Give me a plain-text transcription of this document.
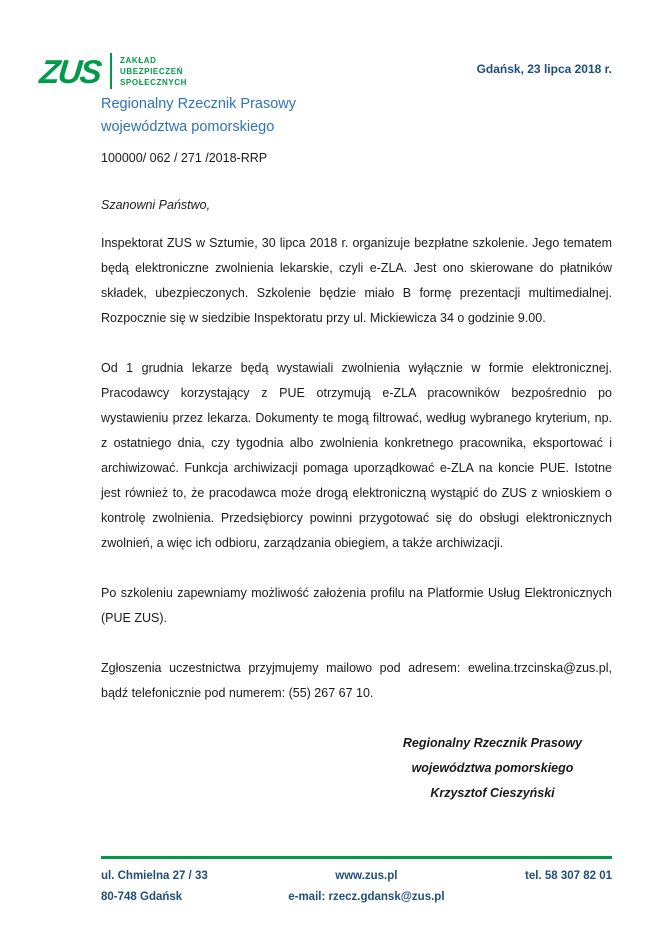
ZUS	ZAKŁAD
UBEZPIECZEŃ
SPOŁECZNYCH
Gdańsk, 23 lipca 2018 r.
Regionalny Rzecznik Prasowy
województwa pomorskiego
100000/ 062 / 271 /2018-RRP
Szanowni Państwo,

Inspektorat ZUS w Sztumie, 30 lipca 2018 r. organizuje bezpłatne szkolenie. Jego tematem będą elektroniczne zwolnienia lekarskie, czyli e-ZLA. Jest ono skierowane do płatników składek, ubezpieczonych. Szkolenie będzie miało B formę prezentacji multimedialnej. Rozpocznie się w siedzibie Inspektoratu przy ul. Mickiewicza 34 o godzinie 9.00.

Od 1 grudnia lekarze będą wystawiali zwolnienia wyłącznie w formie elektronicznej. Pracodawcy korzystający z PUE otrzymują e-ZLA pracowników bezpośrednio po wystawieniu przez lekarza. Dokumenty te mogą filtrować, według wybranego kryterium, np. z ostatniego dnia, czy tygodnia albo zwolnienia konkretnego pracownika, eksportować i archiwizować. Funkcja archiwizacji pomaga uporządkować e-ZLA na koncie PUE. Istotne jest również to, że pracodawca może drogą elektroniczną wystąpić do ZUS z wnioskiem o kontrolę zwolnienia. Przedsiębiorcy powinni przygotować się do obsługi elektronicznych zwolnień, a więc ich odbioru, zarządzania obiegiem, a także archiwizacji.

Po szkoleniu zapewniamy możliwość założenia profilu na Platformie Usług Elektronicznych (PUE ZUS).

Zgłoszenia uczestnictwa przyjmujemy mailowo pod adresem: ewelina.trzcinska@zus.pl, bądź telefonicznie pod numerem: (55) 267 67 10.

Regionalny Rzecznik Prasowy
województwa pomorskiego
Krzysztof Cieszyński
ul. Chmielna 27 / 33
80-748 Gdańsk
www.zus.pl
e-mail: rzecz.gdansk@zus.pl
tel. 58 307 82 01
